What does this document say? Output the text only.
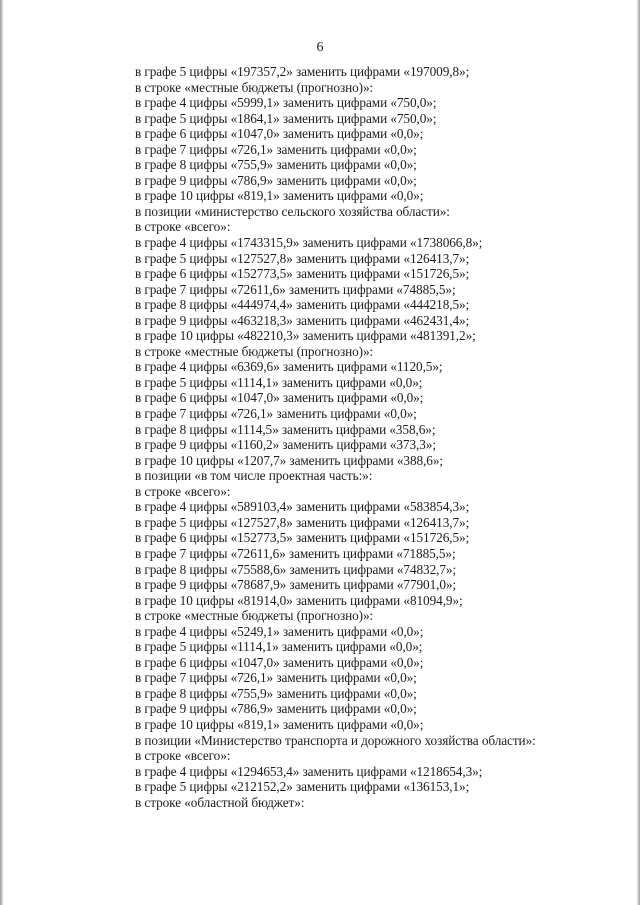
6
в графе 5 цифры «197357,2» заменить цифрами «197009,8»;
в строке «местные бюджеты (прогнозно)»:
в графе 4 цифры «5999,1» заменить цифрами «750,0»;
в графе 5 цифры «1864,1» заменить цифрами «750,0»;
в графе 6 цифры «1047,0» заменить цифрами «0,0»;
в графе 7 цифры «726,1» заменить цифрами «0,0»;
в графе 8 цифры «755,9» заменить цифрами «0,0»;
в графе 9 цифры «786,9» заменить цифрами «0,0»;
в графе 10 цифры «819,1» заменить цифрами «0,0»;
в позиции «министерство сельского хозяйства области»:
в строке «всего»:
в графе 4 цифры «1743315,9» заменить цифрами «1738066,8»;
в графе 5 цифры «127527,8» заменить цифрами «126413,7»;
в графе 6 цифры «152773,5» заменить цифрами «151726,5»;
в графе 7 цифры «72611,6» заменить цифрами «74885,5»;
в графе 8 цифры «444974,4» заменить цифрами «444218,5»;
в графе 9 цифры «463218,3» заменить цифрами «462431,4»;
в графе 10 цифры «482210,3» заменить цифрами «481391,2»;
в строке «местные бюджеты (прогнозно)»:
в графе 4 цифры «6369,6» заменить цифрами «1120,5»;
в графе 5 цифры «1114,1» заменить цифрами «0,0»;
в графе 6 цифры «1047,0» заменить цифрами «0,0»;
в графе 7 цифры «726,1» заменить цифрами «0,0»;
в графе 8 цифры «1114,5» заменить цифрами «358,6»;
в графе 9 цифры «1160,2» заменить цифрами «373,3»;
в графе 10 цифры «1207,7» заменить цифрами «388,6»;
в позиции «в том числе проектная часть:»:
в строке «всего»:
в графе 4 цифры «589103,4» заменить цифрами «583854,3»;
в графе 5 цифры «127527,8» заменить цифрами «126413,7»;
в графе 6 цифры «152773,5» заменить цифрами «151726,5»;
в графе 7 цифры «72611,6» заменить цифрами «71885,5»;
в графе 8 цифры «75588,6» заменить цифрами «74832,7»;
в графе 9 цифры «78687,9» заменить цифрами «77901,0»;
в графе 10 цифры «81914,0» заменить цифрами «81094,9»;
в строке «местные бюджеты (прогнозно)»:
в графе 4 цифры «5249,1» заменить цифрами «0,0»;
в графе 5 цифры «1114,1» заменить цифрами «0,0»;
в графе 6 цифры «1047,0» заменить цифрами «0,0»;
в графе 7 цифры «726,1» заменить цифрами «0,0»;
в графе 8 цифры «755,9» заменить цифрами «0,0»;
в графе 9 цифры «786,9» заменить цифрами «0,0»;
в графе 10 цифры «819,1» заменить цифрами «0,0»;
в позиции «Министерство транспорта и дорожного хозяйства области»:
в строке «всего»:
в графе 4 цифры «1294653,4» заменить цифрами «1218654,3»;
в графе 5 цифры «212152,2» заменить цифрами «136153,1»;
в строке «областной бюджет»:
